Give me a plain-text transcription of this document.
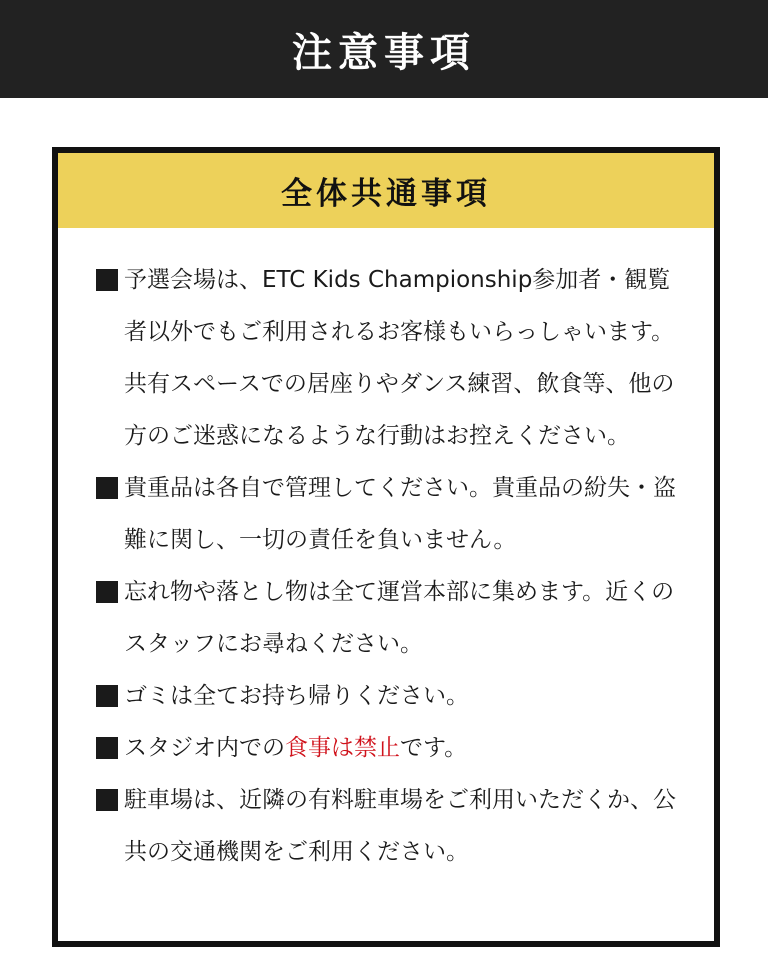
注意事項
全体共通事項
予選会場は、ETC Kids Championship参加者・観覧者以外でもご利用されるお客様もいらっしゃいます。共有スペースでの居座りやダンス練習、飲食等、他の方のご迷惑になるような行動はお控えください。
貴重品は各自で管理してください。貴重品の紛失・盗難に関し、一切の責任を負いません。
忘れ物や落とし物は全て運営本部に集めます。近くのスタッフにお尋ねください。
ゴミは全てお持ち帰りください。
スタジオ内での食事は禁止です。
駐車場は、近隣の有料駐車場をご利用いただくか、公共の交通機関をご利用ください。
